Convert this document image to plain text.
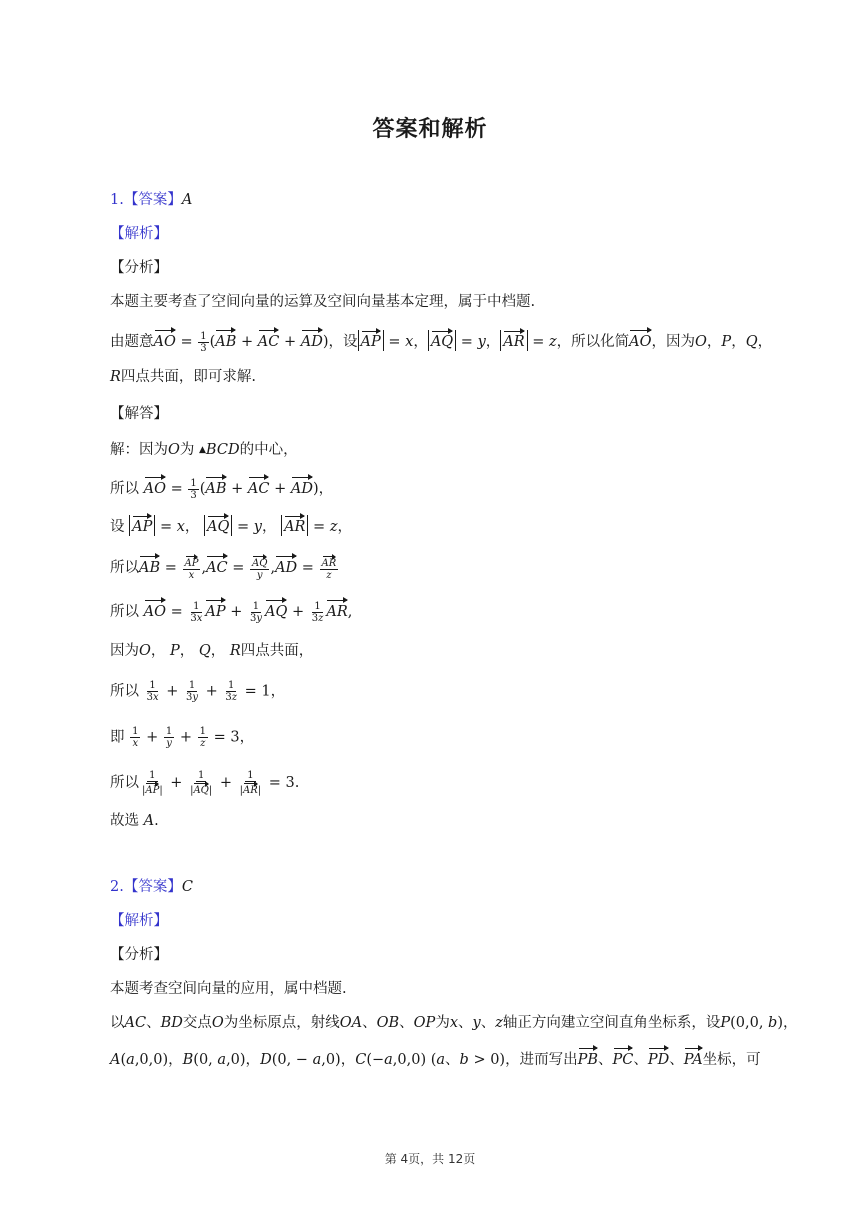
答案和解析
1.【答案】A
【解析】
【分析】
本题主要考查了空间向量的运算及空间向量基本定理，属于中档题.
由题意AO = $\frac{1}{3} (AB$ + AC + AD)，设 AP = x， AQ = y， AR = z，所以化简AO，因为O，P，Q，
R四点共面，即可求解.
【解答】
解：因为O为 ▲BCD的中心，
所以 AO = $\frac{1}{3} (AB$ + AC + AD)，
设 AP = x， AQ = y， AR = z，
所以AB = $\frac{AP}{x} ,AC = \frac{AQ}{y} ,AD = \frac{AR}{z}$
所以 AO = $\frac{1}{3x}$ AP + $\frac{1}{3y}$ AQ + $\frac{1}{3z}$ AR,
因为O， P， Q， R四点共面，
所以 $\frac{1}{3x} + \frac{1}{3y} + \frac{1}{3z} = 1$，
即 $\frac{1}{x} + \frac{1}{y} + \frac{1}{z} = 3$，
所以 $\frac{1}{|AP|} + \frac{1}{|AQ|} + \frac{1}{|AR|} = 3$.
故选 A.
2.【答案】C
【解析】
【分析】
本题考查空间向量的应用，属中档题.
以AC、BD交点O为坐标原点，射线OA、OB、OP为x、y、z轴正方向建立空间直角坐标系，设P(0,0, b)，
A(a,0,0)，B(0, a,0)，D(0, − a,0)，C(−a,0,0) (a、b > 0)，进而写出PB、PC、PD、PA坐标，可
第 4页，共 12页
